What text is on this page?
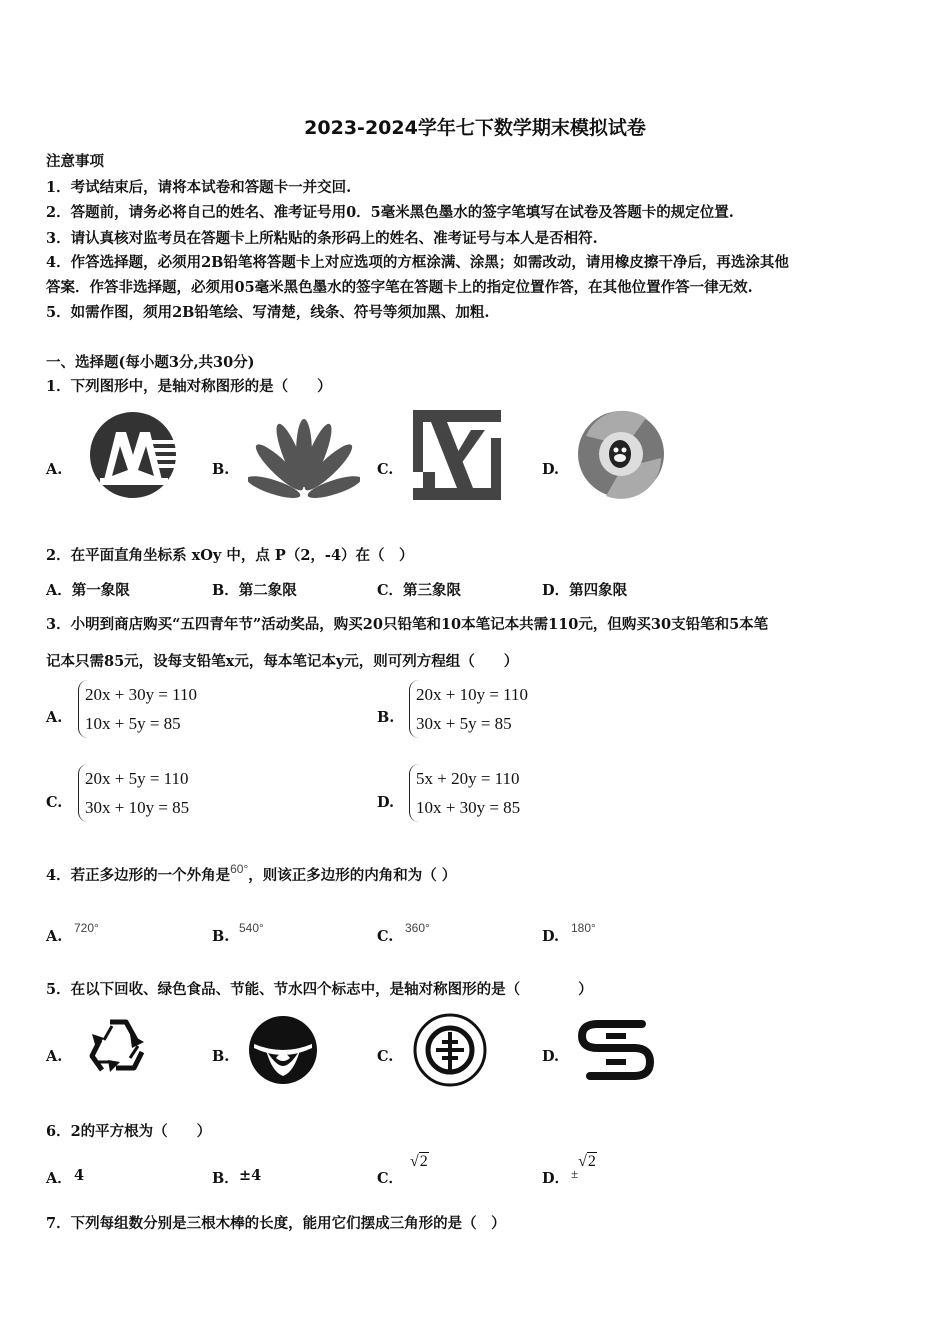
2023-2024学年七下数学期末模拟试卷
注意事项
1．考试结束后，请将本试卷和答题卡一并交回.
2．答题前，请务必将自己的姓名、准考证号用0．5毫米黑色墨水的签字笔填写在试卷及答题卡的规定位置.
3．请认真核对监考员在答题卡上所粘贴的条形码上的姓名、准考证号与本人是否相符.
4．作答选择题，必须用2B铅笔将答题卡上对应选项的方框涂满、涂黑；如需改动，请用橡皮擦干净后，再选涂其他
答案．作答非选择题，必须用05毫米黑色墨水的签字笔在答题卡上的指定位置作答，在其他位置作答一律无效.
5．如需作图，须用2B铅笔绘、写清楚，线条、符号等须加黑、加粗.
一、选择题(每小题3分,共30分)
1．下列图形中，是轴对称图形的是（　　）
A.	B.	C.	D.
2．在平面直角坐标系 xOy 中，点 P（2，-4）在（　）
A．第一象限	B．第二象限	C．第三象限	D．第四象限
3．小明到商店购买“五四青年节”活动奖品，购买20只铅笔和10本笔记本共需110元，但购买30支铅笔和5本笔
记本只需85元，设每支铅笔x元，每本笔记本y元，则可列方程组（　　）
A.
20x + 30y = 110
10x + 5y = 85	B.
20x + 10y = 110
30x + 5y = 85
C.
20x + 5y = 110
30x + 10y = 85	D.
5x + 20y = 110
10x + 30y = 85
4．若正多边形的一个外角是$^{60^\circ}$，则该正多边形的内角和为（ ）
A. 720°	B. 540°	C. 360°	D. 180°
5．在以下回收、绿色食品、节能、节水四个标志中，是轴对称图形的是（　　　　）
A.	B.	C.	D.
6．2的平方根为（　　）
A． 4	B． ±4	C．
√2
D． $_\pm$√2
7．下列每组数分别是三根木棒的长度，能用它们摆成三角形的是（　）
